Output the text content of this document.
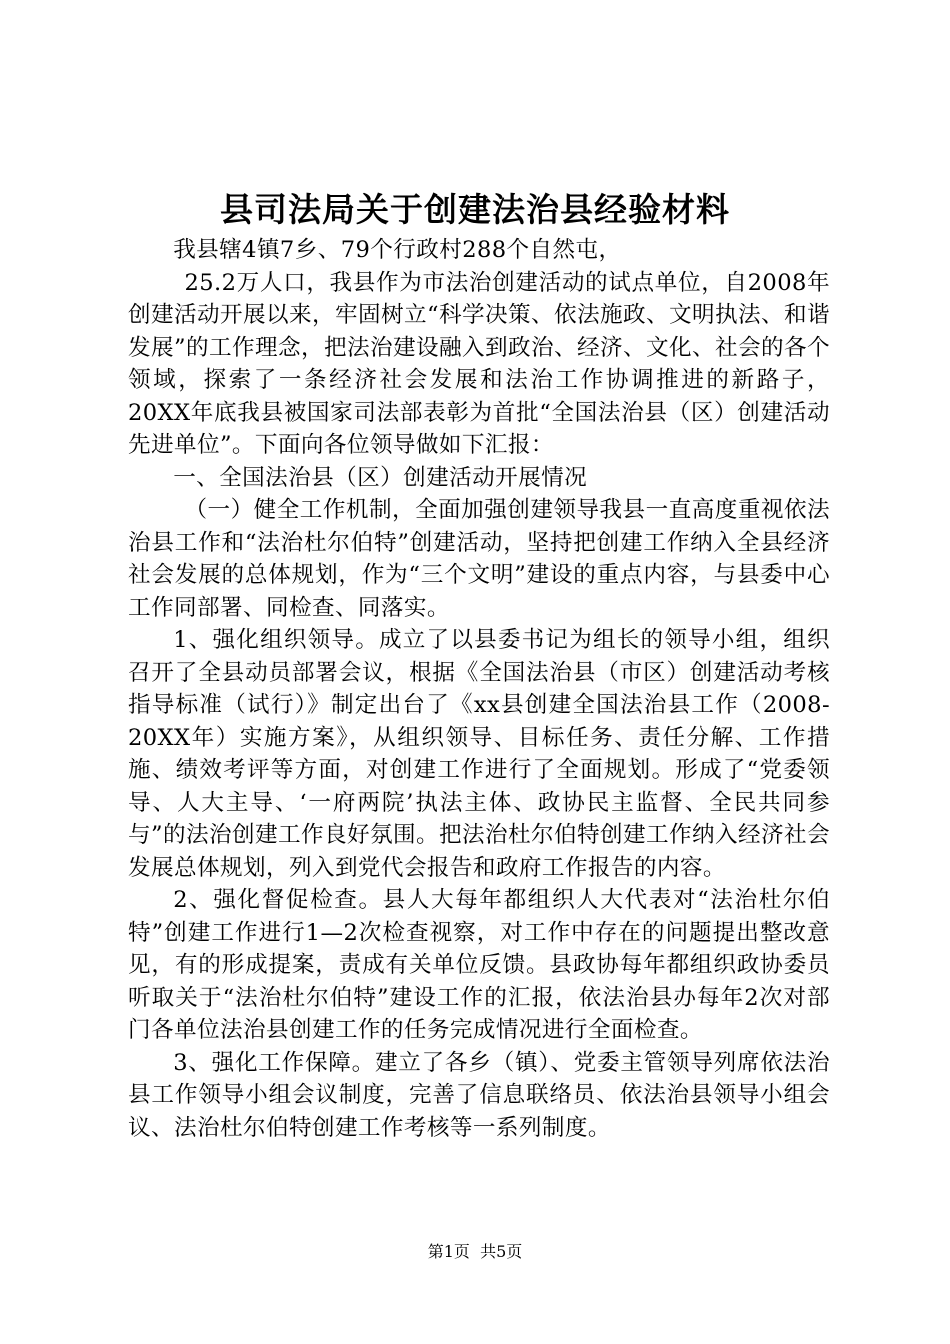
县司法局关于创建法治县经验材料

我县辖4镇7乡、79个行政村288个自然屯，

25.2万人口，我县作为市法治创建活动的试点单位，自2008年创建活动开展以来，牢固树立“科学决策、依法施政、文明执法、和谐发展”的工作理念，把法治建设融入到政治、经济、文化、社会的各个领域，探索了一条经济社会发展和法治工作协调推进的新路子，20XX年底我县被国家司法部表彰为首批“全国法治县（区）创建活动先进单位”。下面向各位领导做如下汇报：

一、全国法治县（区）创建活动开展情况

（一）健全工作机制，全面加强创建领导我县一直高度重视依法治县工作和“法治杜尔伯特”创建活动，坚持把创建工作纳入全县经济社会发展的总体规划，作为“三个文明”建设的重点内容，与县委中心工作同部署、同检查、同落实。

1、强化组织领导。成立了以县委书记为组长的领导小组，组织召开了全县动员部署会议，根据《全国法治县（市区）创建活动考核指导标准（试行）》制定出台了《xx县创建全国法治县工作（2008-20XX年）实施方案》，从组织领导、目标任务、责任分解、工作措施、绩效考评等方面，对创建工作进行了全面规划。形成了“党委领导、人大主导、‘一府两院’执法主体、政协民主监督、全民共同参与”的法治创建工作良好氛围。把法治杜尔伯特创建工作纳入经济社会发展总体规划，列入到党代会报告和政府工作报告的内容。

2、强化督促检查。县人大每年都组织人大代表对“法治杜尔伯特”创建工作进行1—2次检查视察，对工作中存在的问题提出整改意见，有的形成提案，责成有关单位反馈。县政协每年都组织政协委员听取关于“法治杜尔伯特”建设工作的汇报，依法治县办每年2次对部门各单位法治县创建工作的任务完成情况进行全面检查。

3、强化工作保障。建立了各乡（镇）、党委主管领导列席依法治县工作领导小组会议制度，完善了信息联络员、依法治县领导小组会议、法治杜尔伯特创建工作考核等一系列制度。

第1页  共5页
